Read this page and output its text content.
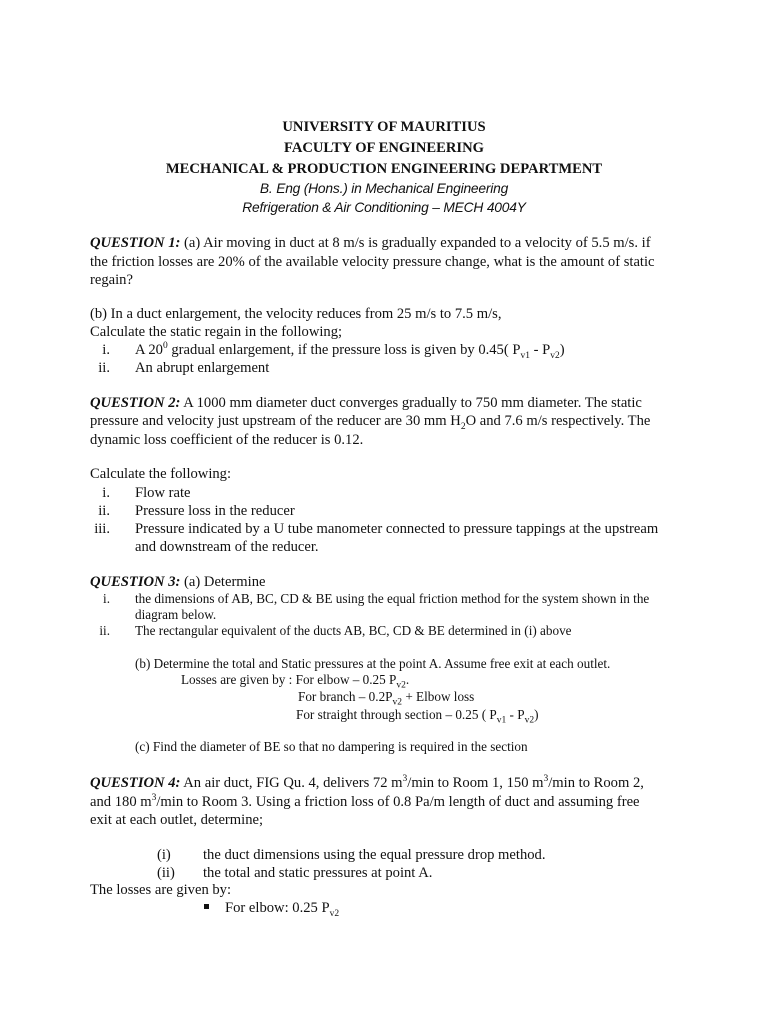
UNIVERSITY OF MAURITIUS
FACULTY OF ENGINEERING
MECHANICAL & PRODUCTION ENGINEERING DEPARTMENT
B. Eng (Hons.) in Mechanical Engineering
Refrigeration & Air Conditioning – MECH 4004Y
QUESTION 1: (a) Air moving in duct at 8 m/s is gradually expanded to a velocity of 5.5 m/s. if
the friction losses are 20% of the available velocity pressure change, what is the amount of static
regain?
(b) In a duct enlargement, the velocity reduces from 25 m/s to 7.5 m/s,
Calculate the static regain in the following;
i. A $20^0$ gradual enlargement, if the pressure loss is given by 0.45( $P_{v1} - P_{v2}$)
ii. An abrupt enlargement
QUESTION 2: A 1000 mm diameter duct converges gradually to 750 mm diameter. The static
pressure and velocity just upstream of the reducer are 30 mm $H_2O$ and 7.6 m/s respectively. The
dynamic loss coefficient of the reducer is 0.12.
Calculate the following:
i. Flow rate
ii. Pressure loss in the reducer
iii. Pressure indicated by a U tube manometer connected to pressure tappings at the upstream
and downstream of the reducer.
QUESTION 3: (a) Determine
i. the dimensions of AB, BC, CD & BE using the equal friction method for the system shown in the
diagram below.
ii. The rectangular equivalent of the ducts AB, BC, CD & BE determined in (i) above
(b) Determine the total and Static pressures at the point A. Assume free exit at each outlet.
Losses are given by : For elbow – 0.25 $P_{v2}$.
For branch – $0.2P_{v2}$ + Elbow loss
For straight through section – 0.25 ( $P_{v1} - P_{v2}$)
(c) Find the diameter of BE so that no dampering is required in the section
QUESTION 4: An air duct, FIG Qu. 4, delivers 72 $m^3/\min$ to Room 1, 150 $m^3/\min$ to Room 2,
and 180 $m^3/\min$ to Room 3. Using a friction loss of 0.8 Pa/m length of duct and assuming free
exit at each outlet, determine;
(i) the duct dimensions using the equal pressure drop method.
(ii) the total and static pressures at point A.
The losses are given by:
For elbow: 0.25 $P_{v2}$
